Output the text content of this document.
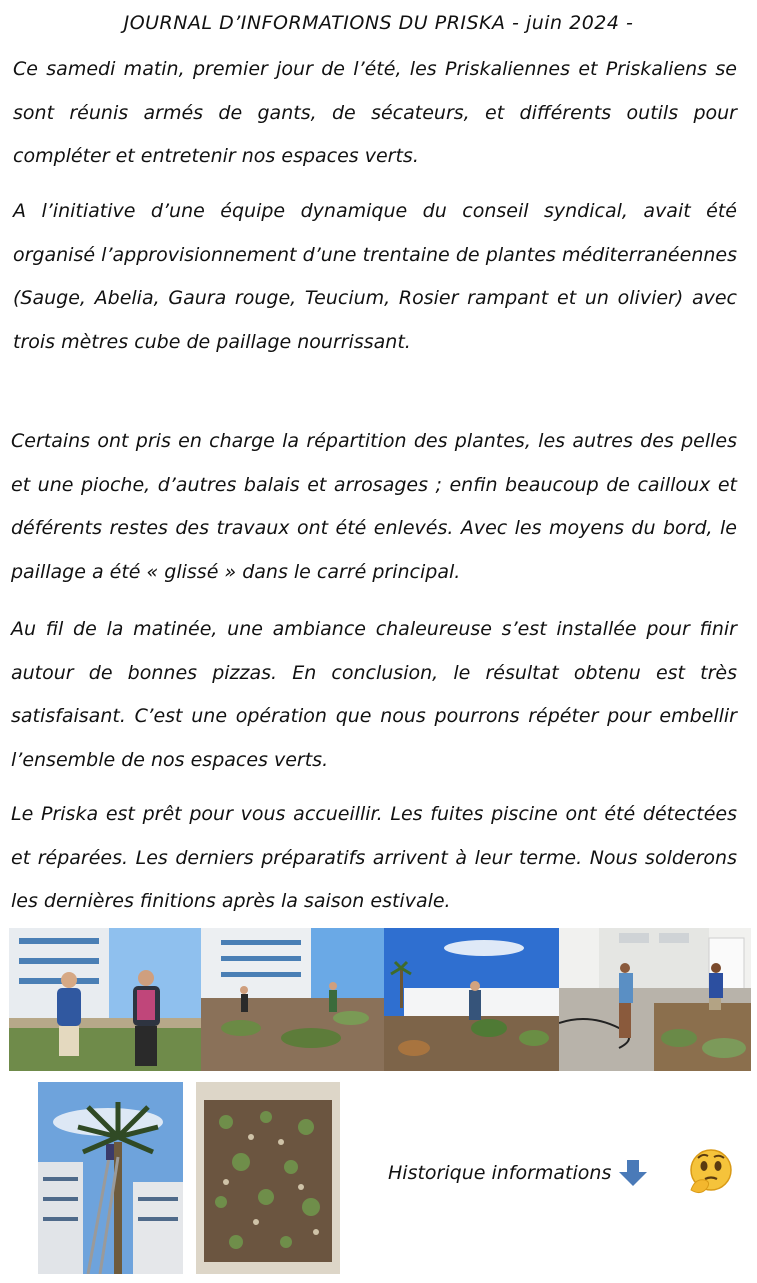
JOURNAL D’INFORMATIONS DU PRISKA - juin 2024 -

Ce samedi matin, premier jour de l’été, les Priskaliennes et Priskaliens se sont réunis armés de gants, de sécateurs, et différents outils pour compléter et entretenir nos espaces verts.

A l’initiative d’une équipe dynamique du conseil syndical, avait été organisé l’approvisionnement d’une trentaine de plantes méditerranéennes (Sauge, Abelia, Gaura rouge, Teucium, Rosier rampant et un olivier) avec trois mètres cube de paillage nourrissant.

Certains ont pris en charge la répartition des plantes, les autres des pelles et une pioche, d’autres balais et arrosages ; enfin beaucoup de cailloux et déférents restes des travaux ont été enlevés. Avec les moyens du bord, le paillage a été « glissé » dans le carré principal.

Au fil de la matinée, une ambiance chaleureuse s’est installée pour finir autour de bonnes pizzas. En conclusion, le résultat obtenu est très satisfaisant. C’est une opération que nous pourrons répéter pour embellir l’ensemble de nos espaces verts.

Le Priska est prêt pour vous accueillir. Les fuites piscine ont été détectées et réparées. Les derniers préparatifs arrivent à leur terme. Nous solderons les dernières finitions après la saison estivale.

Historique informations
